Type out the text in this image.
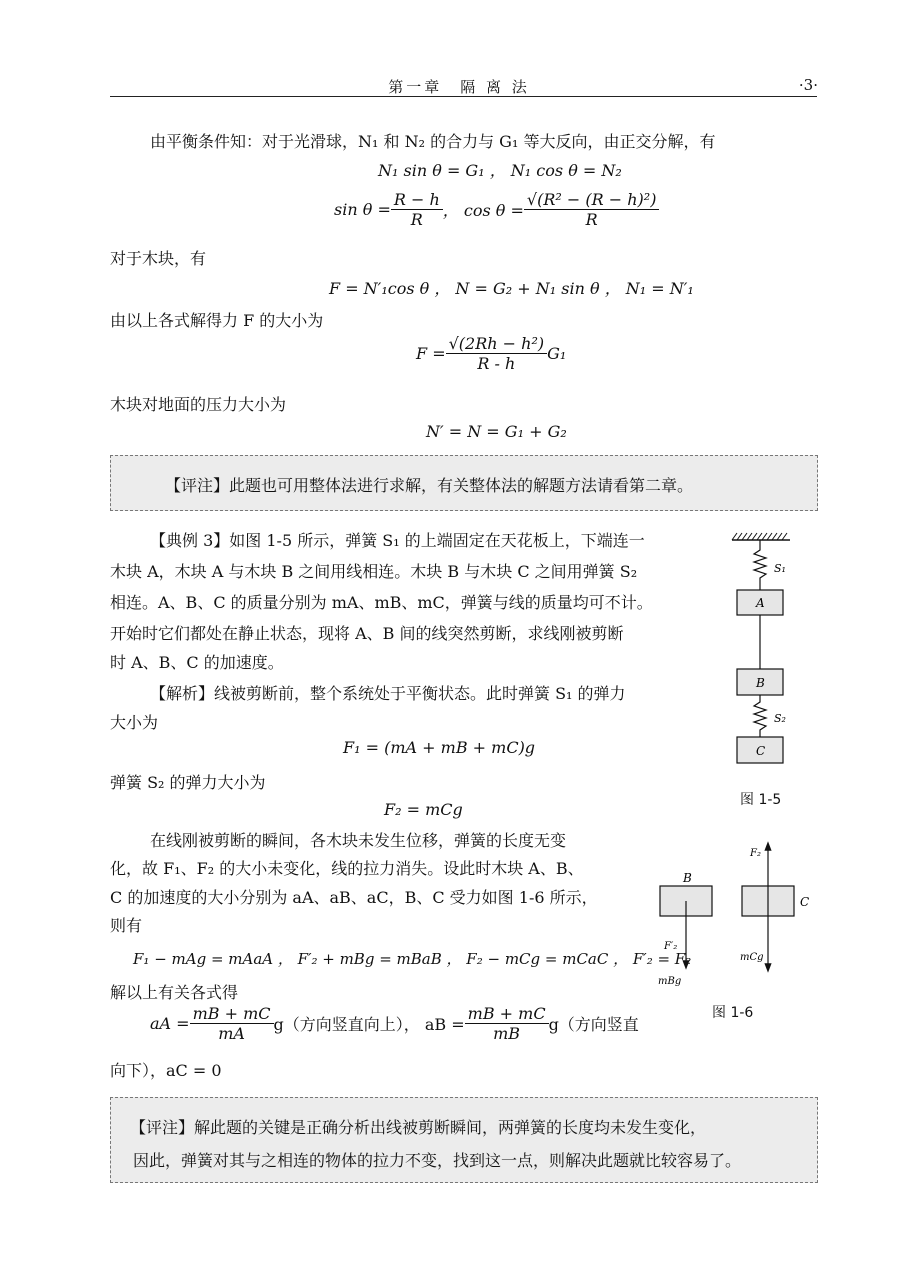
第一章　隔 离 法	·3·
由平衡条件知：对于光滑球，N₁ 和 N₂ 的合力与 G₁ 等大反向，由正交分解，有
N₁ sin θ = G₁ ， N₁ cos θ = N₂
$\sin \theta = \frac{R - h}{R}$ ， $\cos \theta = \frac{\text{√(R² − (R − h)²)}}{R}$
对于木块，有
F = N′₁cos θ ， N = G₂ + N₁ sin θ ， N₁ = N′₁
由以上各式解得力 F 的大小为
$F = \frac{\text{√(2Rh − h²)}}{R - h} G_1$
木块对地面的压力大小为
N′ = N = G₁ + G₂
【评注】此题也可用整体法进行求解，有关整体法的解题方法请看第二章。
【典例 3】如图 1-5 所示，弹簧 S₁ 的上端固定在天花板上，下端连一
木块 A，木块 A 与木块 B 之间用线相连。木块 B 与木块 C 之间用弹簧 S₂
相连。A、B、C 的质量分别为 mA、mB、mC，弹簧与线的质量均可不计。
开始时它们都处在静止状态，现将 A、B 间的线突然剪断，求线刚被剪断
时 A、B、C 的加速度。
【解析】线被剪断前，整个系统处于平衡状态。此时弹簧 S₁ 的弹力
大小为
F₁ = (mA + mB + mC)g
弹簧 S₂ 的弹力大小为
F₂ = mCg
在线刚被剪断的瞬间，各木块未发生位移，弹簧的长度无变
化，故 F₁、F₂ 的大小未变化，线的拉力消失。设此时木块 A、B、
C 的加速度的大小分别为 aA、aB、aC，B、C 受力如图 1-6 所示，
则有
F₁ − mAg = mAaA ， F′₂ + mBg = mBaB ， F₂ − mCg = mCaC ， F′₂ = F₂
解以上有关各式得
aA = $\frac{mB + mC}{mA} g$（方向竖直向上）， aB = $\frac{mB + mC}{mB} g$（方向竖直
向下），aC = 0
【评注】解此题的关键是正确分析出线被剪断瞬间，两弹簧的长度均未发生变化，
因此，弹簧对其与之相连的物体的拉力不变，找到这一点，则解决此题就比较容易了。
S₁
A
B
S₂
C
图 1-5
B
F′₂
mBg
C
F₂
mCg
图 1-6
